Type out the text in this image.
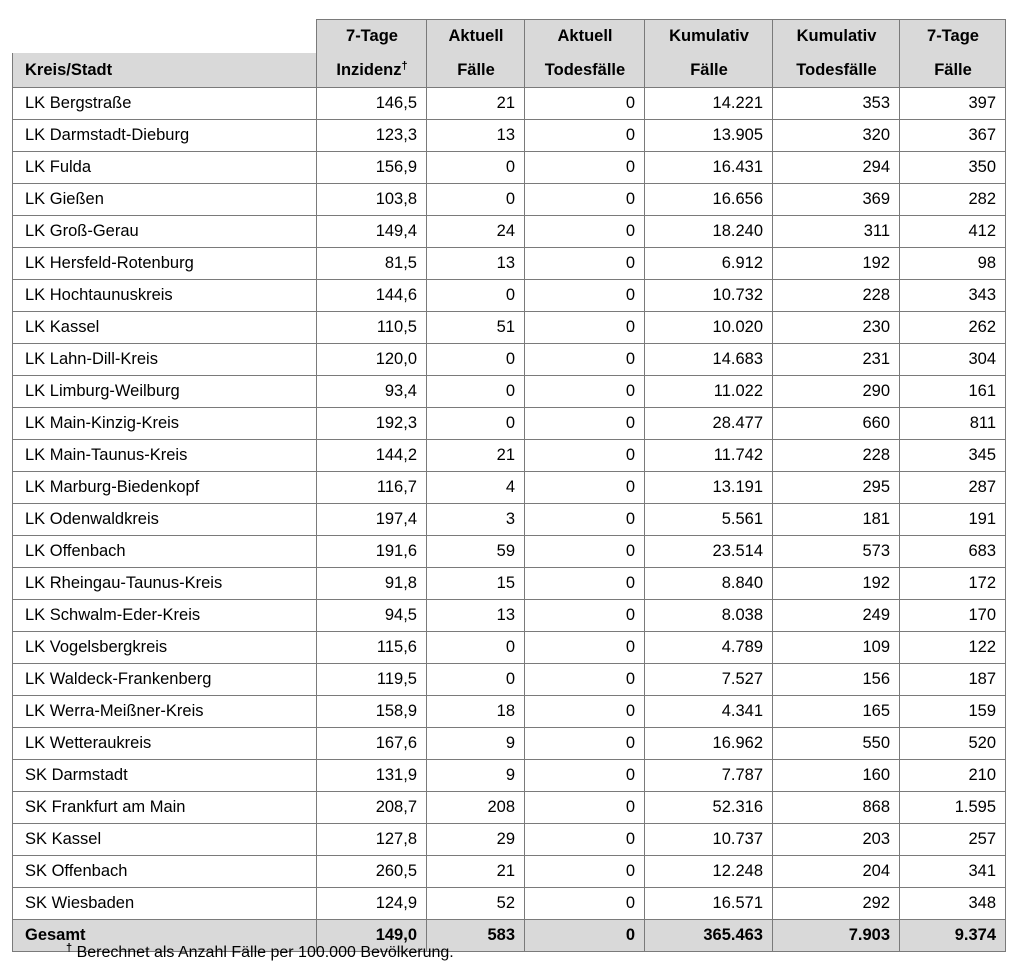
	7-Tage	Aktuell	Aktuell	Kumulativ	Kumulativ	7-Tage
Kreis/Stadt	Inzidenz†	Fälle	Todesfälle	Fälle	Todesfälle	Fälle
LK Bergstraße	146,5	21	0	14.221	353	397
LK Darmstadt-Dieburg	123,3	13	0	13.905	320	367
LK Fulda	156,9	0	0	16.431	294	350
LK Gießen	103,8	0	0	16.656	369	282
LK Groß-Gerau	149,4	24	0	18.240	311	412
LK Hersfeld-Rotenburg	81,5	13	0	6.912	192	98
LK Hochtaunuskreis	144,6	0	0	10.732	228	343
LK Kassel	110,5	51	0	10.020	230	262
LK Lahn-Dill-Kreis	120,0	0	0	14.683	231	304
LK Limburg-Weilburg	93,4	0	0	11.022	290	161
LK Main-Kinzig-Kreis	192,3	0	0	28.477	660	811
LK Main-Taunus-Kreis	144,2	21	0	11.742	228	345
LK Marburg-Biedenkopf	116,7	4	0	13.191	295	287
LK Odenwaldkreis	197,4	3	0	5.561	181	191
LK Offenbach	191,6	59	0	23.514	573	683
LK Rheingau-Taunus-Kreis	91,8	15	0	8.840	192	172
LK Schwalm-Eder-Kreis	94,5	13	0	8.038	249	170
LK Vogelsbergkreis	115,6	0	0	4.789	109	122
LK Waldeck-Frankenberg	119,5	0	0	7.527	156	187
LK Werra-Meißner-Kreis	158,9	18	0	4.341	165	159
LK Wetteraukreis	167,6	9	0	16.962	550	520
SK Darmstadt	131,9	9	0	7.787	160	210
SK Frankfurt am Main	208,7	208	0	52.316	868	1.595
SK Kassel	127,8	29	0	10.737	203	257
SK Offenbach	260,5	21	0	12.248	204	341
SK Wiesbaden	124,9	52	0	16.571	292	348
Gesamt	149,0	583	0	365.463	7.903	9.374
† Berechnet als Anzahl Fälle per 100.000 Bevölkerung.
